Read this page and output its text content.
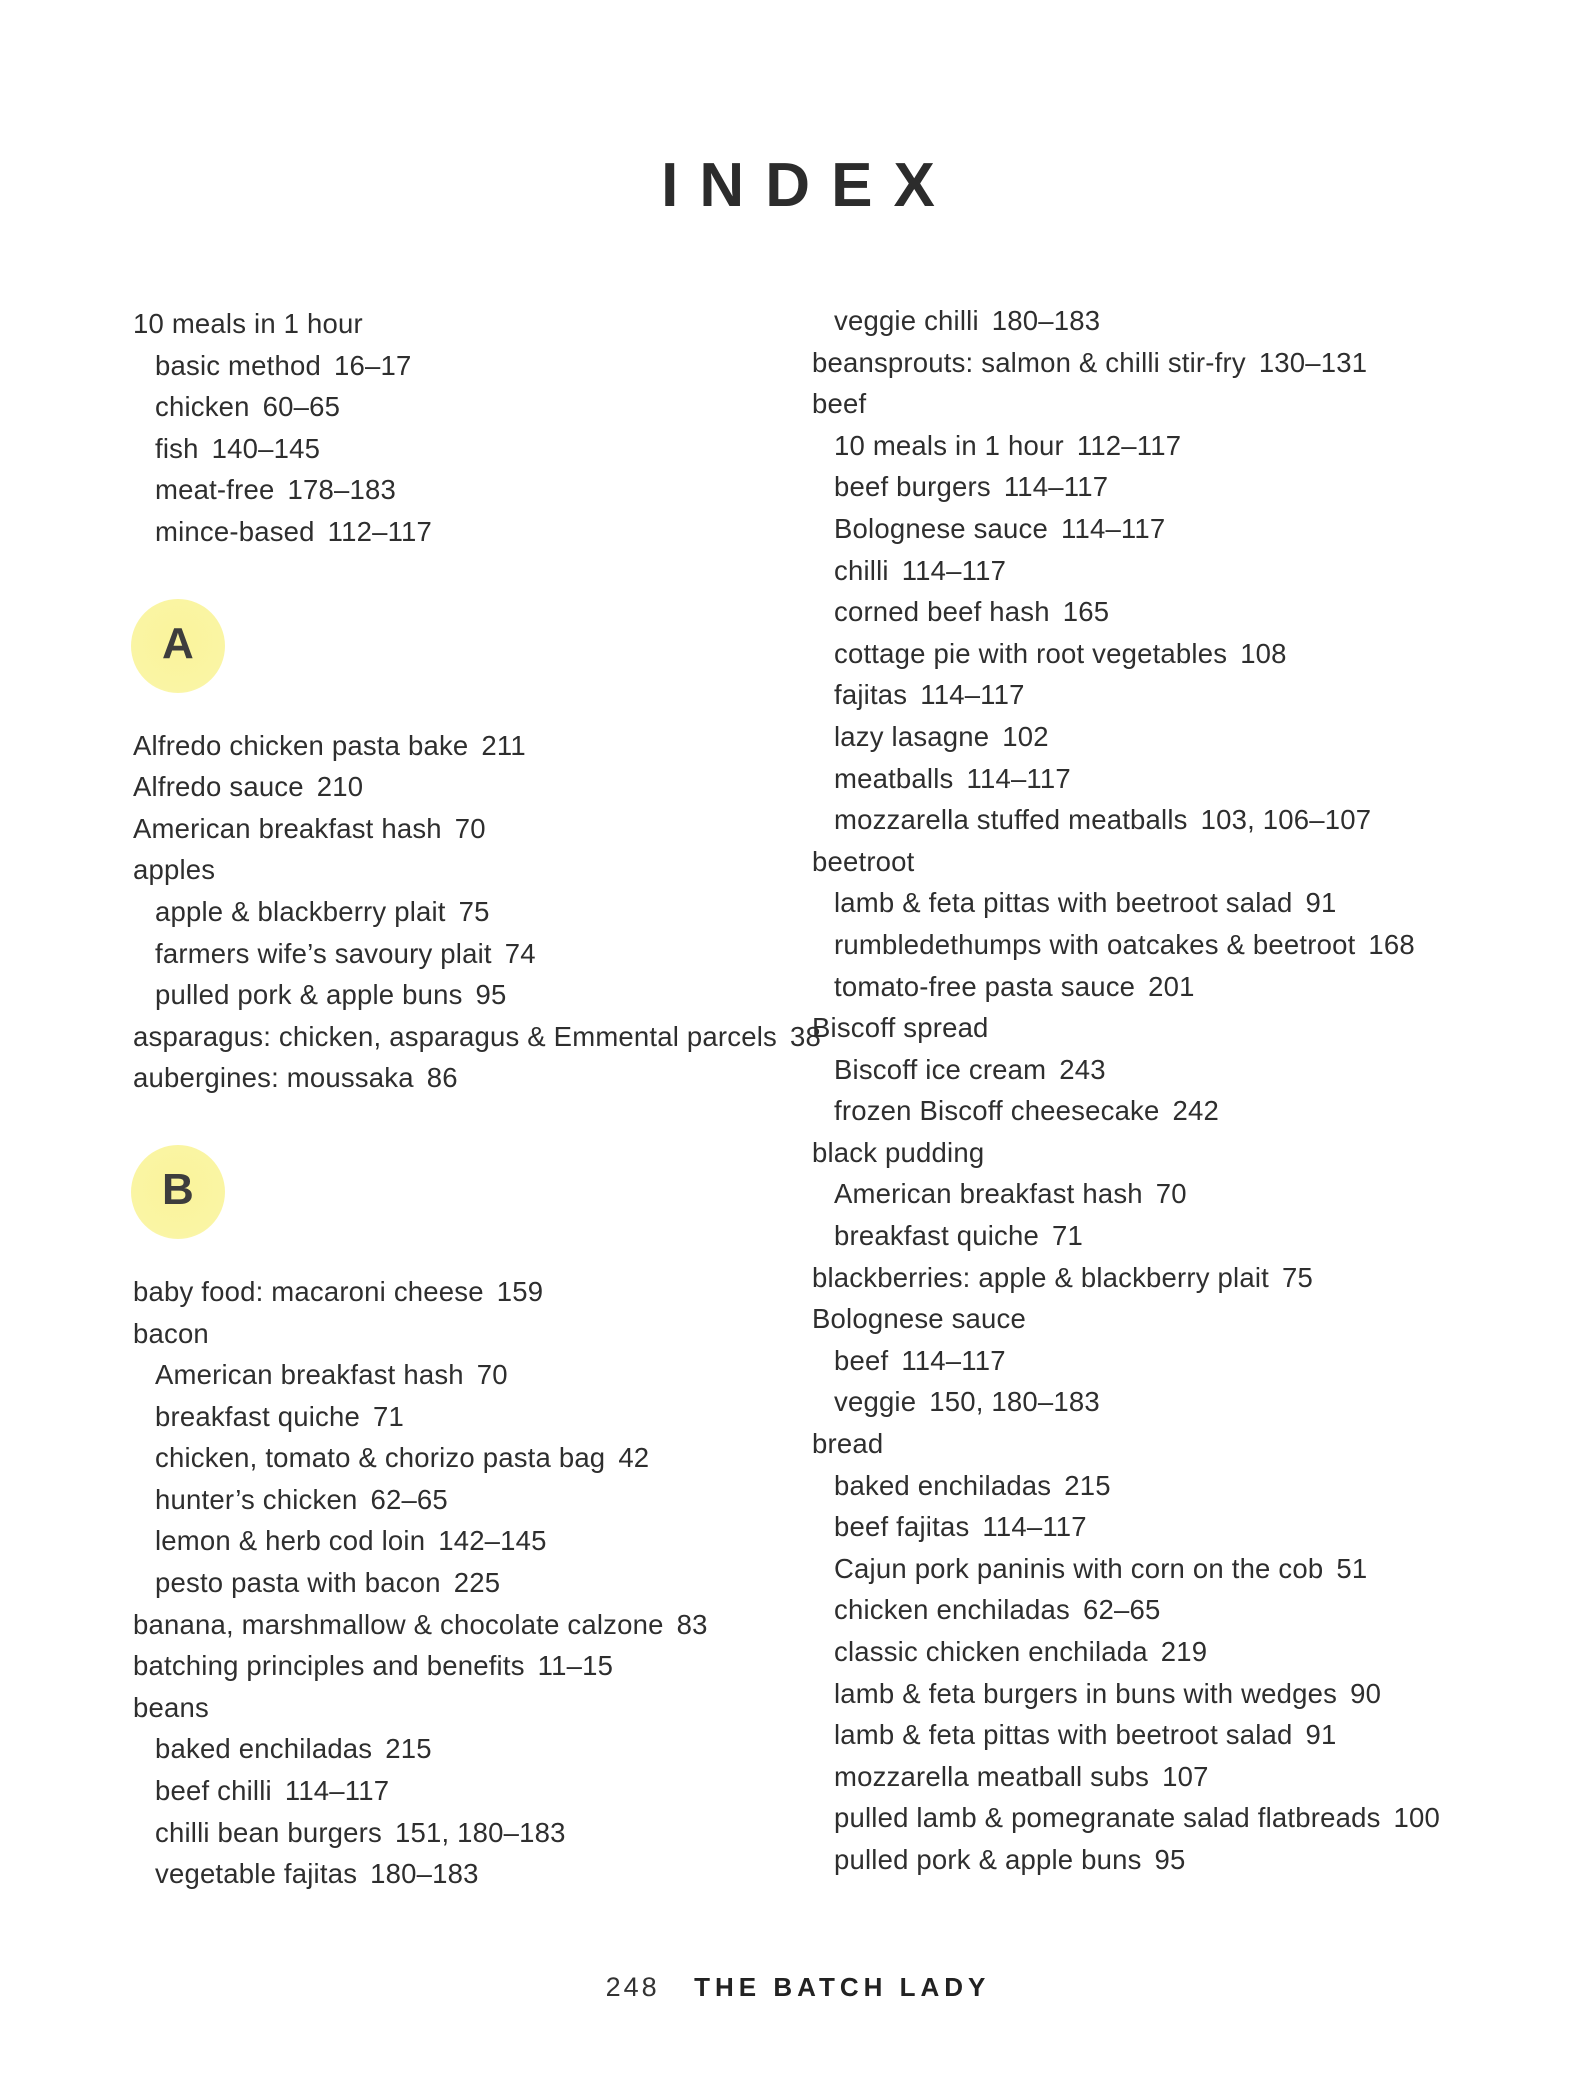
INDEX
10 meals in 1 hour
basic method 16–17
chicken 60–65
fish 140–145
meat-free 178–183
mince-based 112–117
A
Alfredo chicken pasta bake 211
Alfredo sauce 210
American breakfast hash 70
apples
apple & blackberry plait 75
farmers wife’s savoury plait 74
pulled pork & apple buns 95
asparagus: chicken, asparagus & Emmental parcels 38
aubergines: moussaka 86
B
baby food: macaroni cheese 159
bacon
American breakfast hash 70
breakfast quiche 71
chicken, tomato & chorizo pasta bag 42
hunter’s chicken 62–65
lemon & herb cod loin 142–145
pesto pasta with bacon 225
banana, marshmallow & chocolate calzone 83
batching principles and benefits 11–15
beans
baked enchiladas 215
beef chilli 114–117
chilli bean burgers 151, 180–183
vegetable fajitas 180–183
veggie chilli 180–183
beansprouts: salmon & chilli stir-fry 130–131
beef
10 meals in 1 hour 112–117
beef burgers 114–117
Bolognese sauce 114–117
chilli 114–117
corned beef hash 165
cottage pie with root vegetables 108
fajitas 114–117
lazy lasagne 102
meatballs 114–117
mozzarella stuffed meatballs 103, 106–107
beetroot
lamb & feta pittas with beetroot salad 91
rumbledethumps with oatcakes & beetroot 168
tomato-free pasta sauce 201
Biscoff spread
Biscoff ice cream 243
frozen Biscoff cheesecake 242
black pudding
American breakfast hash 70
breakfast quiche 71
blackberries: apple & blackberry plait 75
Bolognese sauce
beef 114–117
veggie 150, 180–183
bread
baked enchiladas 215
beef fajitas 114–117
Cajun pork paninis with corn on the cob 51
chicken enchiladas 62–65
classic chicken enchilada 219
lamb & feta burgers in buns with wedges 90
lamb & feta pittas with beetroot salad 91
mozzarella meatball subs 107
pulled lamb & pomegranate salad flatbreads 100
pulled pork & apple buns 95
248 THE BATCH LADY
